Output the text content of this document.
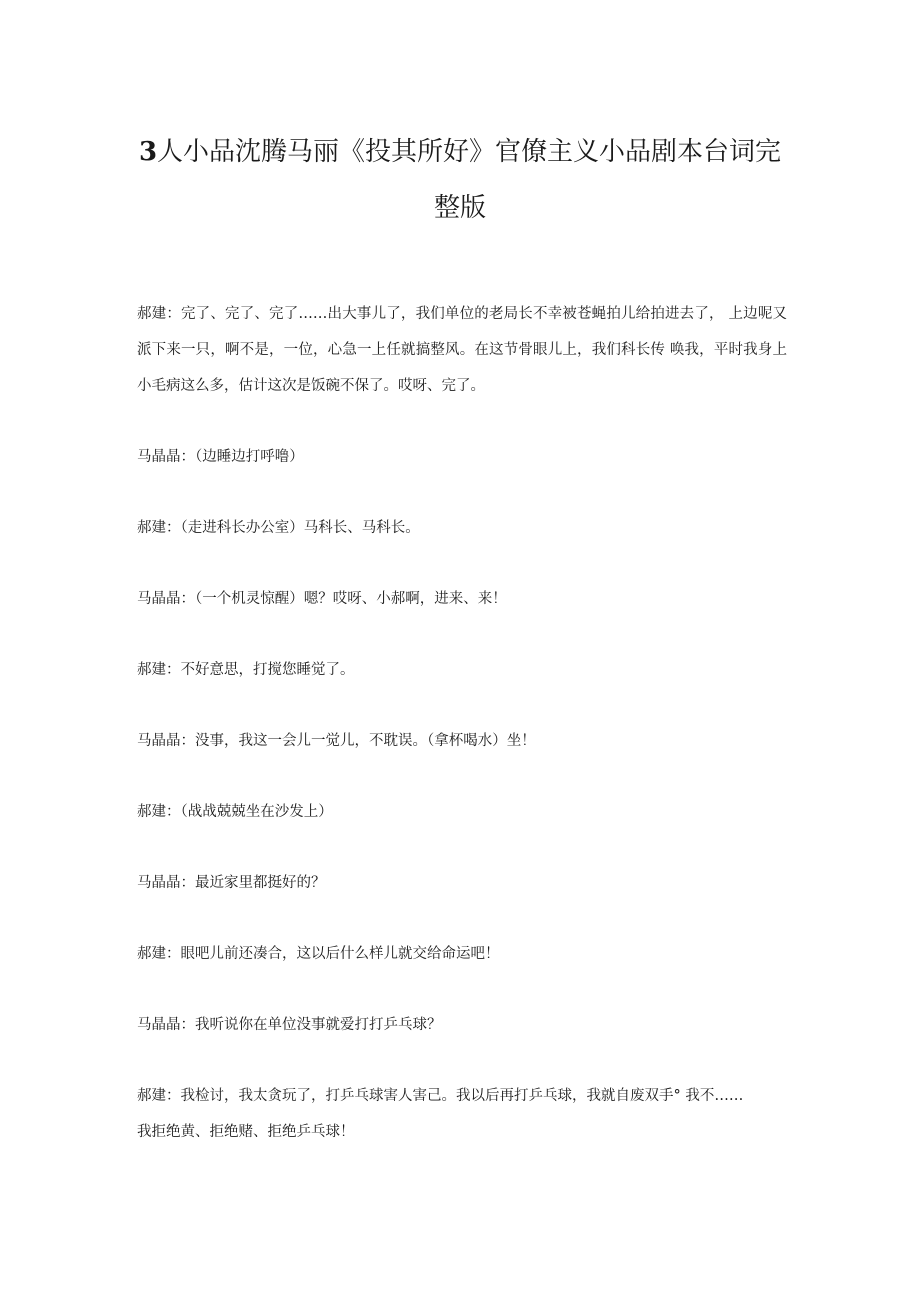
3人小品沈腾马丽《投其所好》官僚主义小品剧本台词完
整版

郝建：完了、完了、完了……出大事儿了，我们单位的老局长不幸被苍蝇拍儿给拍进去了， 上边呢又派下来一只，啊不是，一位，心急一上任就搞整风。在这节骨眼儿上，我们科长传 唤我，平时我身上小毛病这么多，估计这次是饭碗不保了。哎呀、完了。

马晶晶：（边睡边打呼噜）

郝建：（走进科长办公室）马科长、马科长。

马晶晶：（一个机灵惊醒）嗯？哎呀、小郝啊，进来、来！

郝建：不好意思，打搅您睡觉了。

马晶晶：没事，我这一会儿一觉儿，不耽误。（拿杯喝水）坐！

郝建：（战战兢兢坐在沙发上）

马晶晶：最近家里都挺好的？

郝建：眼吧儿前还凑合，这以后什么样儿就交给命运吧！

马晶晶：我听说你在单位没事就爱打打乒乓球？

郝建：我检讨，我太贪玩了，打乒乓球害人害己。我以后再打乒乓球，我就自废双手° 我不……

我拒绝黄、拒绝赌、拒绝乒乓球！
